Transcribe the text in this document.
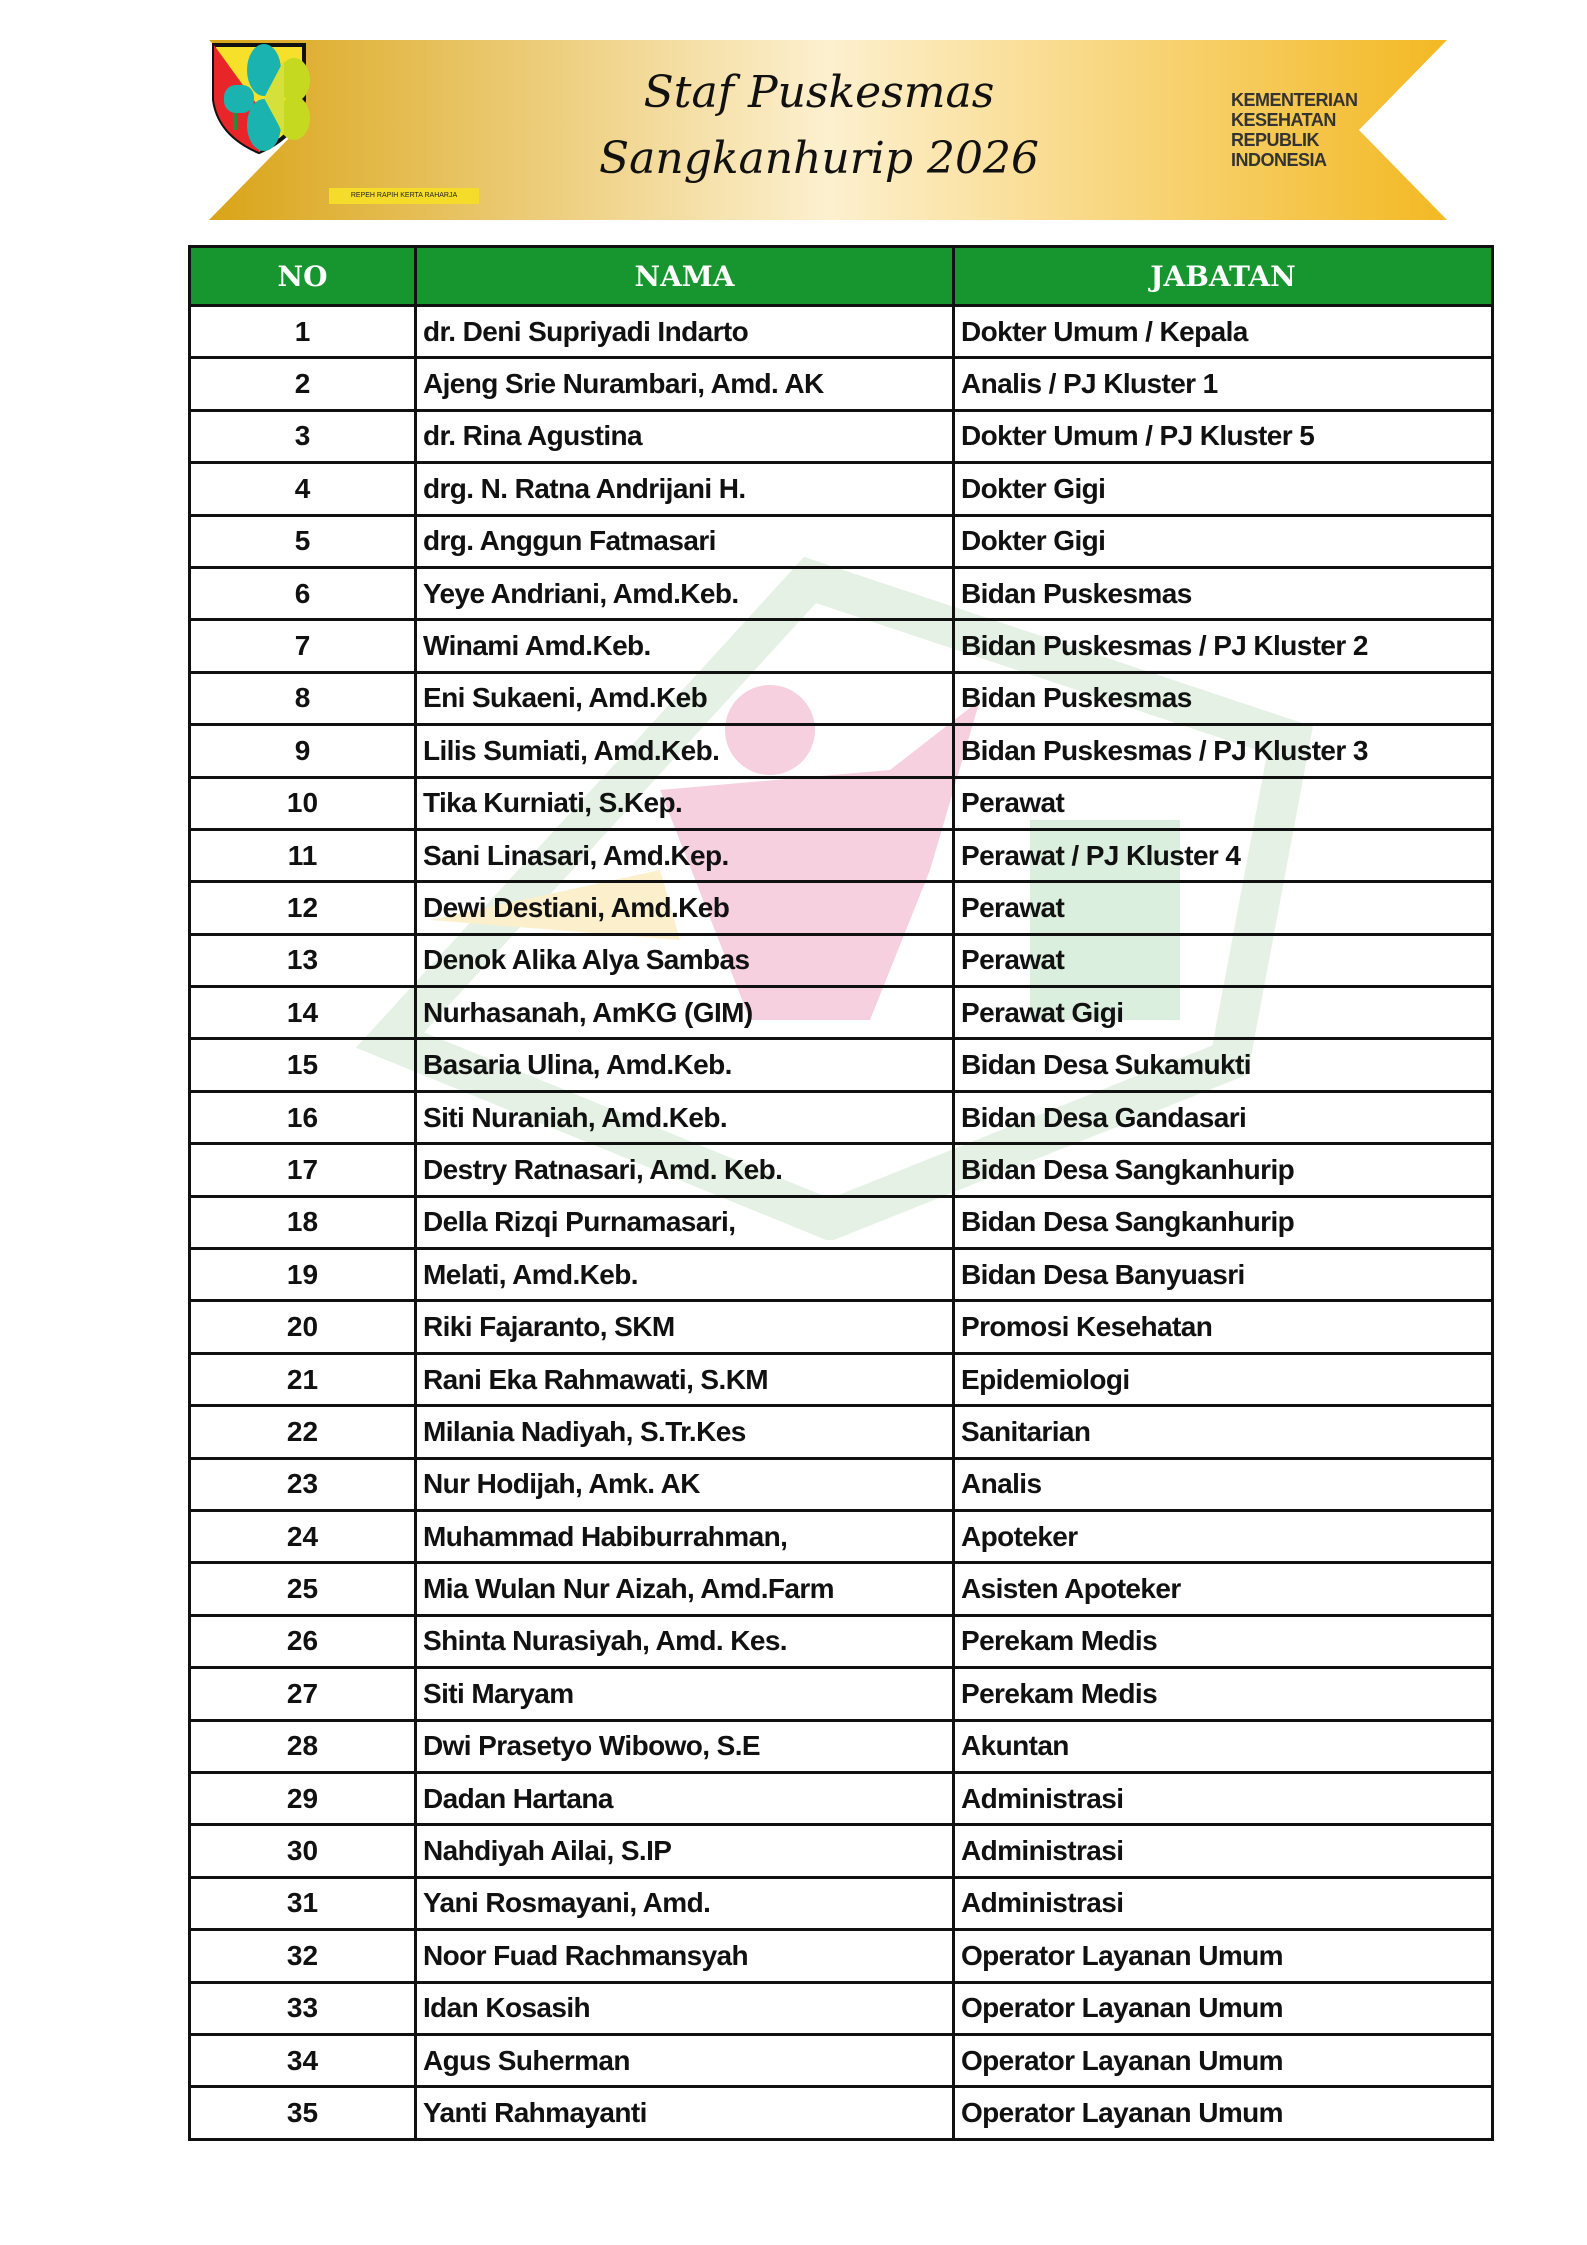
REPEH RAPIH KERTA RAHARJA
Staf Puskesmas
Sangkanhurip 2026
KEMENTERIAN
KESEHATAN
REPUBLIK
INDONESIA
NO	NAMA	JABATAN
1	dr. Deni Supriyadi Indarto	Dokter Umum / Kepala
2	Ajeng Srie Nurambari, Amd. AK	Analis / PJ Kluster 1
3	dr. Rina Agustina	Dokter Umum / PJ Kluster 5
4	drg. N. Ratna Andrijani H.	Dokter Gigi
5	drg. Anggun Fatmasari	Dokter Gigi
6	Yeye Andriani, Amd.Keb.	Bidan Puskesmas
7	Winami Amd.Keb.	Bidan Puskesmas / PJ Kluster 2
8	Eni Sukaeni, Amd.Keb	Bidan Puskesmas
9	Lilis Sumiati, Amd.Keb.	Bidan Puskesmas / PJ Kluster 3
10	Tika Kurniati, S.Kep.	Perawat
11	Sani Linasari, Amd.Kep.	Perawat / PJ Kluster 4
12	Dewi Destiani, Amd.Keb	Perawat
13	Denok Alika Alya Sambas	Perawat
14	Nurhasanah, AmKG (GIM)	Perawat Gigi
15	Basaria Ulina, Amd.Keb.	Bidan Desa Sukamukti
16	Siti Nuraniah, Amd.Keb.	Bidan Desa Gandasari
17	Destry Ratnasari, Amd. Keb.	Bidan Desa Sangkanhurip
18	Della Rizqi Purnamasari,	Bidan Desa Sangkanhurip
19	Melati, Amd.Keb.	Bidan Desa Banyuasri
20	Riki Fajaranto, SKM	Promosi Kesehatan
21	Rani Eka Rahmawati, S.KM	Epidemiologi
22	Milania Nadiyah, S.Tr.Kes	Sanitarian
23	Nur Hodijah, Amk. AK	Analis
24	Muhammad Habiburrahman,	Apoteker
25	Mia Wulan Nur Aizah, Amd.Farm	Asisten Apoteker
26	Shinta Nurasiyah, Amd. Kes.	Perekam Medis
27	Siti Maryam	Perekam Medis
28	Dwi Prasetyo Wibowo, S.E	Akuntan
29	Dadan Hartana	Administrasi
30	Nahdiyah Ailai, S.IP	Administrasi
31	Yani Rosmayani, Amd.	Administrasi
32	Noor Fuad Rachmansyah	Operator Layanan Umum
33	Idan Kosasih	Operator Layanan Umum
34	Agus Suherman	Operator Layanan Umum
35	Yanti Rahmayanti	Operator Layanan Umum
